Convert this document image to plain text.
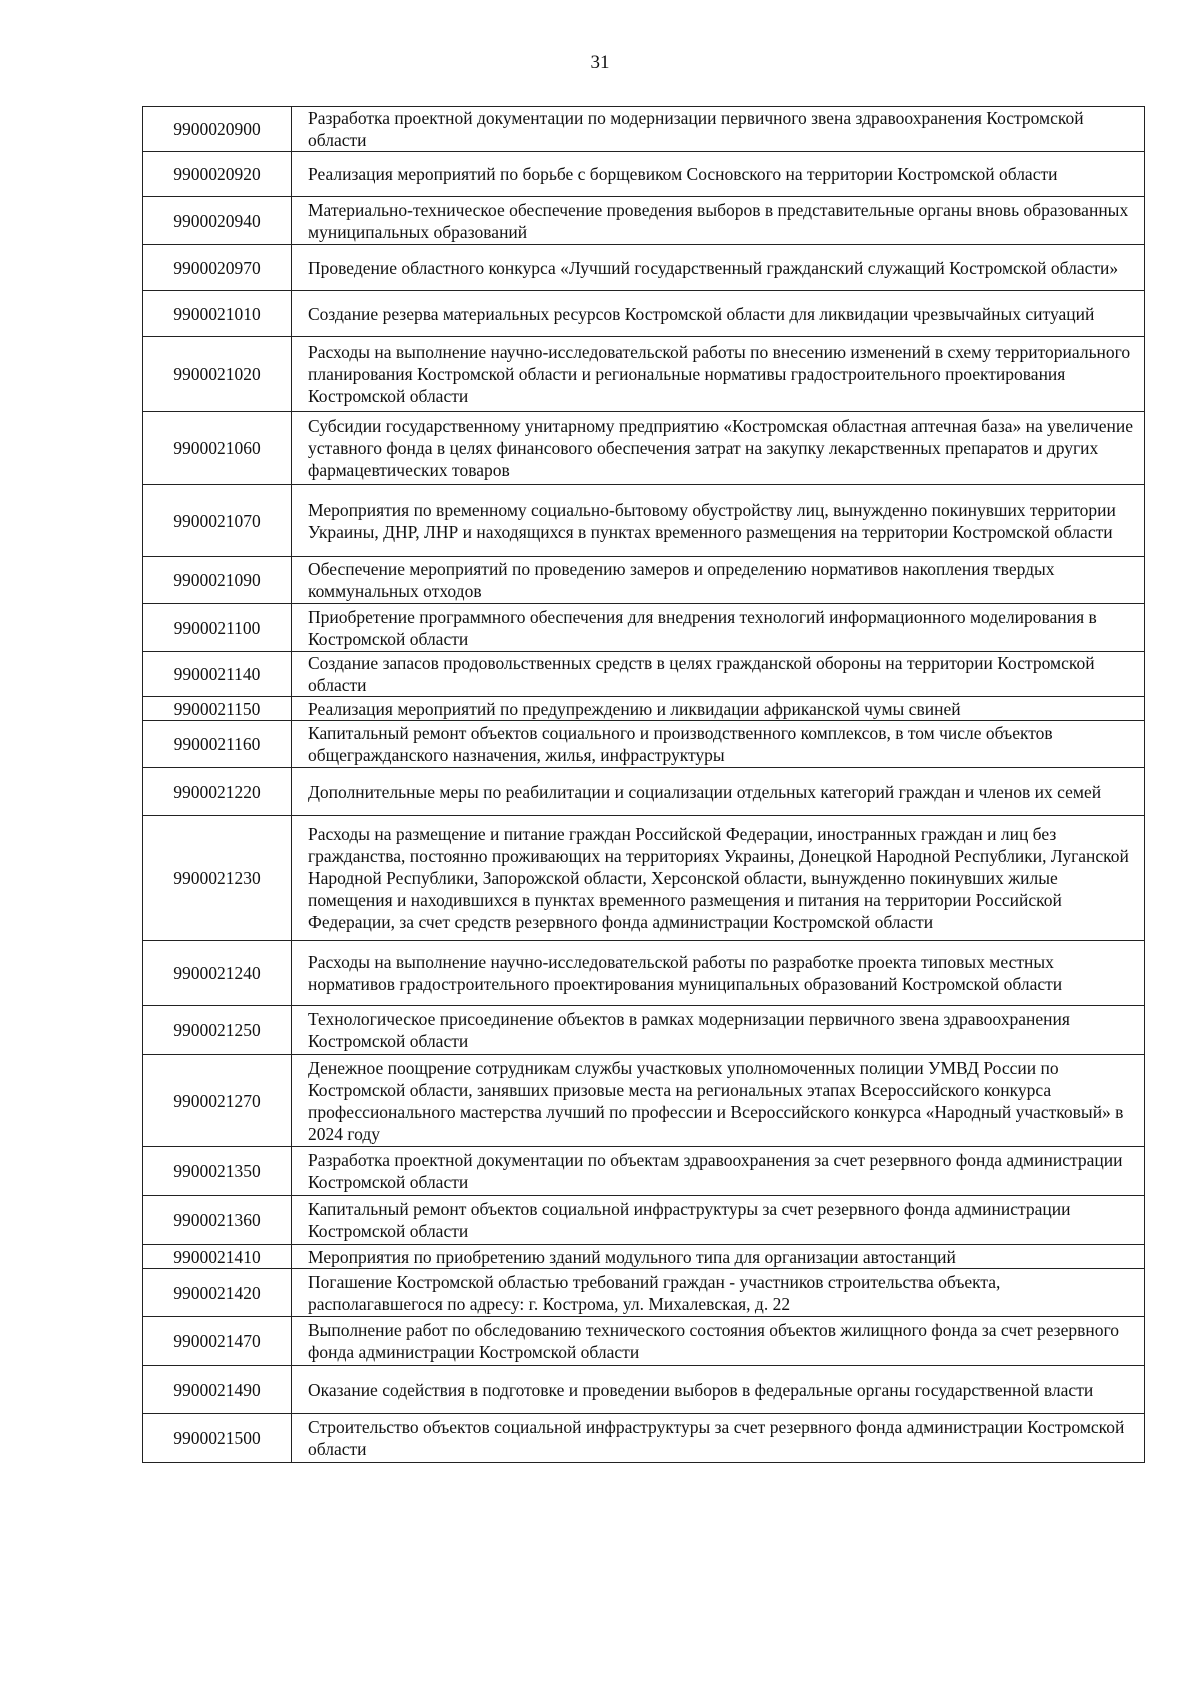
31
9900020900	Разработка проектной документации по модернизации первичного звена здравоохранения Костромской области
9900020920	Реализация мероприятий по борьбе с борщевиком Сосновского на территории Костромской области
9900020940	Материально-техническое обеспечение проведения выборов в представительные органы вновь образованных муниципальных образований
9900020970	Проведение областного конкурса «Лучший государственный гражданский служащий Костромской области»
9900021010	Создание резерва материальных ресурсов Костромской области для ликвидации чрезвычайных ситуаций
9900021020	Расходы на выполнение научно-исследовательской работы по внесению изменений в схему территориального планирования Костромской области и региональные нормативы градостроительного проектирования Костромской области
9900021060	Субсидии государственному унитарному предприятию «Костромская областная аптечная база» на увеличение уставного фонда в целях финансового обеспечения затрат на закупку лекарственных препаратов и других фармацевтических товаров
9900021070	Мероприятия по временному социально-бытовому обустройству лиц, вынужденно покинувших территории Украины, ДНР, ЛНР и находящихся в пунктах временного размещения на территории Костромской области
9900021090	Обеспечение мероприятий по проведению замеров и определению нормативов накопления твердых коммунальных отходов
9900021100	Приобретение программного обеспечения для внедрения технологий информационного моделирования в Костромской области
9900021140	Создание запасов продовольственных средств в целях гражданской обороны на территории Костромской области
9900021150	Реализация мероприятий по предупреждению и ликвидации африканской чумы свиней
9900021160	Капитальный ремонт объектов социального и производственного комплексов, в том числе объектов общегражданского назначения, жилья, инфраструктуры
9900021220	Дополнительные меры по реабилитации и социализации отдельных категорий граждан и членов их семей
9900021230	Расходы на размещение и питание граждан Российской Федерации, иностранных граждан и лиц без гражданства, постоянно проживающих на территориях Украины, Донецкой Народной Республики, Луганской Народной Республики, Запорожской области, Херсонской области, вынужденно покинувших жилые помещения и находившихся в пунктах временного размещения и питания на территории Российской Федерации, за счет средств резервного фонда администрации Костромской области
9900021240	Расходы на выполнение научно-исследовательской работы по разработке проекта типовых местных нормативов градостроительного проектирования муниципальных образований Костромской области
9900021250	Технологическое присоединение объектов в рамках модернизации первичного звена здравоохранения Костромской области
9900021270	Денежное поощрение сотрудникам службы участковых уполномоченных полиции УМВД России по Костромской области, занявших призовые места на региональных этапах Всероссийского конкурса профессионального мастерства лучший по профессии и Всероссийского конкурса «Народный участковый» в 2024 году
9900021350	Разработка проектной документации по объектам здравоохранения за счет резервного фонда администрации Костромской области
9900021360	Капитальный ремонт объектов социальной инфраструктуры за счет резервного фонда администрации Костромской области
9900021410	Мероприятия по приобретению зданий модульного типа для организации автостанций
9900021420	Погашение Костромской областью требований граждан - участников строительства объекта, располагавшегося по адресу: г. Кострома, ул. Михалевская, д. 22
9900021470	Выполнение работ по обследованию технического состояния объектов жилищного фонда за счет резервного фонда администрации Костромской области
9900021490	Оказание содействия в подготовке и проведении выборов в федеральные органы государственной власти
9900021500	Строительство объектов социальной инфраструктуры за счет резервного фонда администрации Костромской области
